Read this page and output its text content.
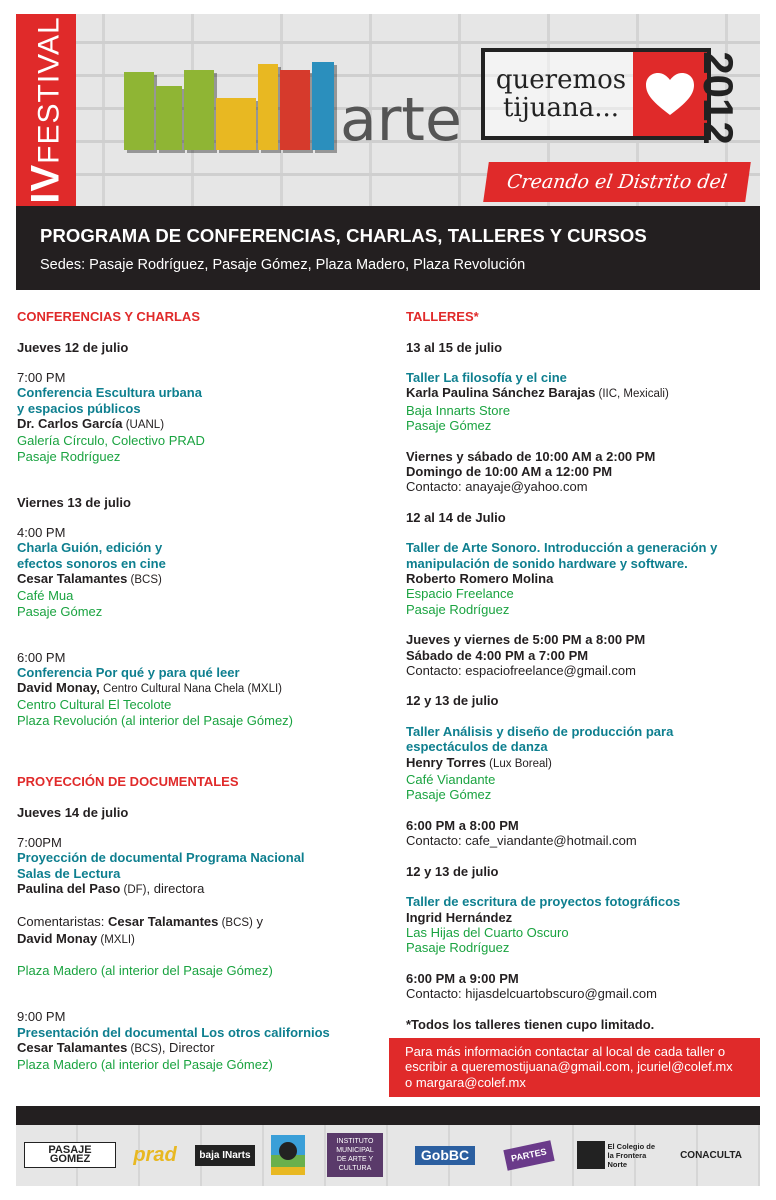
IVFESTIVAL	arte
queremos tijuana... 2012
Creando el Distrito del
PROGRAMA DE CONFERENCIAS, CHARLAS, TALLERES Y CURSOS
Sedes: Pasaje Rodríguez, Pasaje Gómez, Plaza Madero, Plaza Revolución
CONFERENCIAS Y CHARLAS
Jueves 12 de julio
7:00 PM
Conferencia Escultura urbana
y espacios públicos
Dr. Carlos García (UANL)
Galería Círculo, Colectivo PRAD
Pasaje Rodríguez
Viernes 13 de julio
4:00 PM
Charla Guión, edición y
efectos sonoros en cine
Cesar Talamantes (BCS)
Café Mua
Pasaje Gómez
6:00 PM
Conferencia Por qué y para qué leer
David Monay, Centro Cultural Nana Chela (MXLI)
Centro Cultural El Tecolote
Plaza Revolución (al interior del Pasaje Gómez)
PROYECCIÓN DE DOCUMENTALES
Jueves 14 de julio
7:00PM
Proyección de documental Programa Nacional
Salas de Lectura
Paulina del Paso (DF), directora
Comentaristas: Cesar Talamantes (BCS) y
David Monay (MXLI)
Plaza Madero (al interior del Pasaje Gómez)
9:00 PM
Presentación del documental Los otros californios
Cesar Talamantes (BCS), Director
Plaza Madero (al interior del Pasaje Gómez)
TALLERES*
13 al 15 de julio
Taller La filosofía y el cine
Karla Paulina Sánchez Barajas (IIC, Mexicali)
Baja Innarts Store
Pasaje Gómez
Viernes y sábado de 10:00 AM a 2:00 PM
Domingo de 10:00 AM a 12:00 PM
Contacto: anayaje@yahoo.com
12 al 14 de Julio
Taller de Arte Sonoro. Introducción a generación y
manipulación de sonido hardware y software.
Roberto Romero Molina
Espacio Freelance
Pasaje Rodríguez
Jueves y viernes de 5:00 PM a 8:00 PM
Sábado de 4:00 PM a 7:00 PM
Contacto: espaciofreelance@gmail.com
12 y 13 de julio
Taller Análisis y diseño de producción para
espectáculos de danza
Henry Torres (Lux Boreal)
Café Viandante
Pasaje Gómez
6:00 PM a 8:00 PM
Contacto: cafe_viandante@hotmail.com
12 y 13 de julio
Taller de escritura de proyectos fotográficos
Ingrid Hernández
Las Hijas del Cuarto Oscuro
Pasaje Rodríguez
6:00 PM a 9:00 PM
Contacto: hijasdelcuartobscuro@gmail.com
*Todos los talleres tienen cupo limitado.
Para más información contactar al local de cada taller o
escribir a queremostijuana@gmail.com, jcuriel@colef.mx
o margara@colef.mx
PASAJE GOMEZ	prad	baja INarts
INSTITUTO MUNICIPAL DE ARTE Y CULTURA
GobBC	PARTES	El Colegio de la Frontera Norte
CONACULTA
